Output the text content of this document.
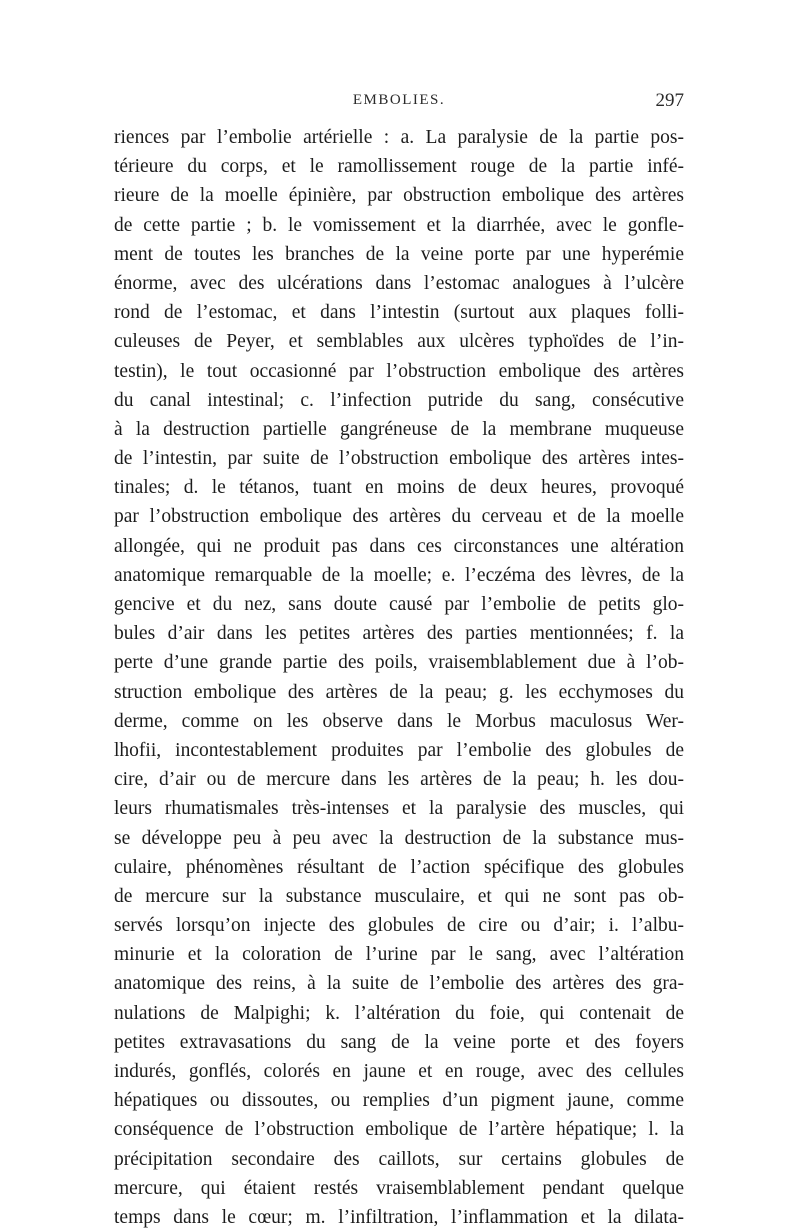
EMBOLIES.	297
riences par l’embolie artérielle : a. La paralysie de la partie pos-
térieure du corps, et le ramollissement rouge de la partie infé-
rieure de la moelle épinière, par obstruction embolique des artères
de cette partie ; b. le vomissement et la diarrhée, avec le gonfle-
ment de toutes les branches de la veine porte par une hyperémie
énorme, avec des ulcérations dans l’estomac analogues à l’ulcère
rond de l’estomac, et dans l’intestin (surtout aux plaques folli-
culeuses de Peyer, et semblables aux ulcères typhoïdes de l’in-
testin), le tout occasionné par l’obstruction embolique des artères
du canal intestinal; c. l’infection putride du sang, consécutive
à la destruction partielle gangréneuse de la membrane muqueuse
de l’intestin, par suite de l’obstruction embolique des artères intes-
tinales; d. le tétanos, tuant en moins de deux heures, provoqué
par l’obstruction embolique des artères du cerveau et de la moelle
allongée, qui ne produit pas dans ces circonstances une altération
anatomique remarquable de la moelle; e. l’eczéma des lèvres, de la
gencive et du nez, sans doute causé par l’embolie de petits glo-
bules d’air dans les petites artères des parties mentionnées; f. la
perte d’une grande partie des poils, vraisemblablement due à l’ob-
struction embolique des artères de la peau; g. les ecchymoses du
derme, comme on les observe dans le Morbus maculosus Wer-
lhofii, incontestablement produites par l’embolie des globules de
cire, d’air ou de mercure dans les artères de la peau; h. les dou-
leurs rhumatismales très-intenses et la paralysie des muscles, qui
se développe peu à peu avec la destruction de la substance mus-
culaire, phénomènes résultant de l’action spécifique des globules
de mercure sur la substance musculaire, et qui ne sont pas ob-
servés lorsqu’on injecte des globules de cire ou d’air; i. l’albu-
minurie et la coloration de l’urine par le sang, avec l’altération
anatomique des reins, à la suite de l’embolie des artères des gra-
nulations de Malpighi; k. l’altération du foie, qui contenait de
petites extravasations du sang de la veine porte et des foyers
indurés, gonflés, colorés en jaune et en rouge, avec des cellules
hépatiques ou dissoutes, ou remplies d’un pigment jaune, comme
conséquence de l’obstruction embolique de l’artère hépatique; l. la
précipitation secondaire des caillots, sur certains globules de
mercure, qui étaient restés vraisemblablement pendant quelque
temps dans le cœur; m. l’infiltration, l’inflammation et la dilata-
